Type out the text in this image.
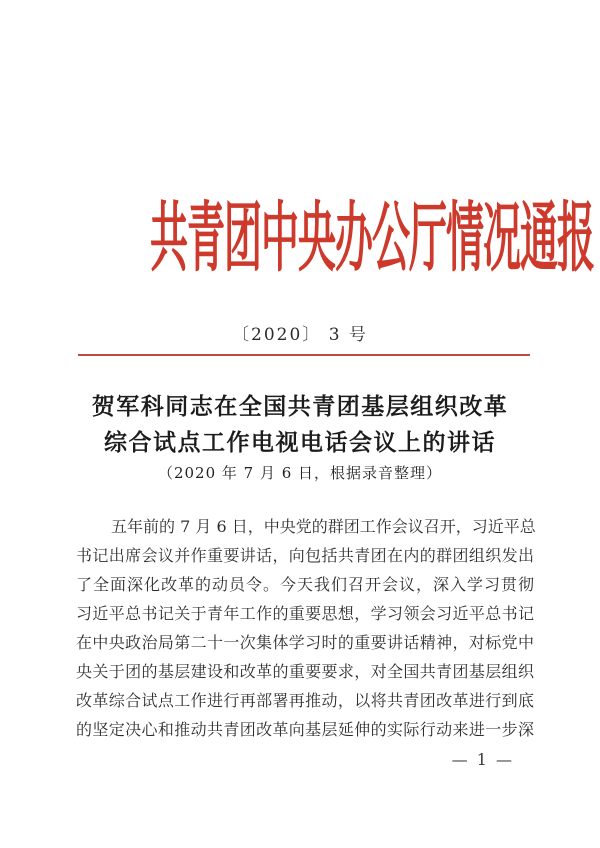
共青团中央办公厅情况通报
〔2020〕 3 号
贺军科同志在全国共青团基层组织改革
综合试点工作电视电话会议上的讲话
（2020 年 7 月 6 日，根据录音整理）
五年前的 7 月 6 日，中央党的群团工作会议召开，习近平总
书记出席会议并作重要讲话，向包括共青团在内的群团组织发出
了全面深化改革的动员令。今天我们召开会议，深入学习贯彻
习近平总书记关于青年工作的重要思想，学习领会习近平总书记
在中央政治局第二十一次集体学习时的重要讲话精神，对标党中
央关于团的基层建设和改革的重要要求，对全国共青团基层组织
改革综合试点工作进行再部署再推动，以将共青团改革进行到底
的坚定决心和推动共青团改革向基层延伸的实际行动来进一步深
— 1 —
